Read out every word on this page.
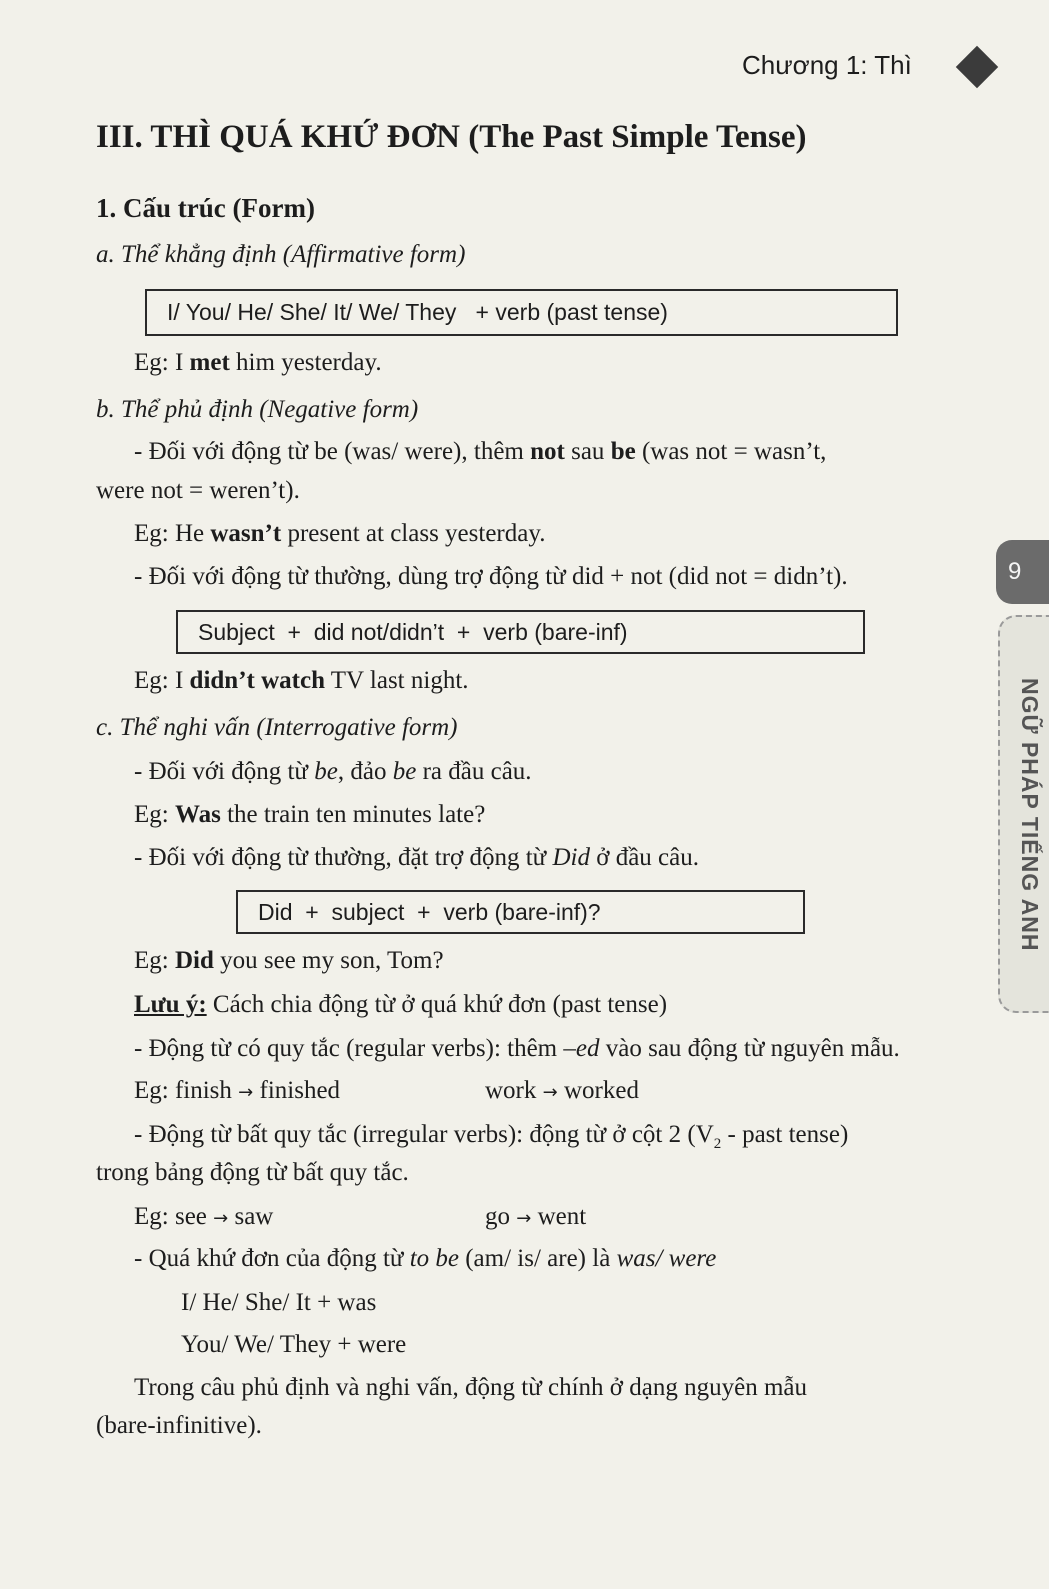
Chương 1: Thì
9
NGỮ PHÁP TIẾNG ANH
III. THÌ QUÁ KHỨ ĐƠN (The Past Simple Tense)
1. Cấu trúc (Form)
a. Thể khẳng định (Affirmative form)
I/ You/ He/ She/ It/ We/ They   + verb (past tense)
Eg: I met him yesterday.
b. Thể phủ định (Negative form)
- Đối với động từ be (was/ were), thêm not sau be (was not = wasn’t,
were not = weren’t).
Eg: He wasn’t present at class yesterday.
- Đối với động từ thường, dùng trợ động từ did + not (did not = didn’t).
Subject  +  did not/didn’t  +  verb (bare-inf)
Eg: I didn’t watch TV last night.
c. Thể nghi vấn (Interrogative form)
- Đối với động từ be, đảo be ra đầu câu.
Eg: Was the train ten minutes late?
- Đối với động từ thường, đặt trợ động từ Did ở đầu câu.
Did  +  subject  +  verb (bare-inf)?
Eg: Did you see my son, Tom?
Lưu ý: Cách chia động từ ở quá khứ đơn (past tense)
- Động từ có quy tắc (regular verbs): thêm –ed vào sau động từ nguyên mẫu.
Eg: finish → finished	work → worked
- Động từ bất quy tắc (irregular verbs): động từ ở cột 2 ($V_2$ - past tense)
trong bảng động từ bất quy tắc.
Eg: see → saw	go → went
- Quá khứ đơn của động từ to be (am/ is/ are) là was/ were
I/ He/ She/ It + was
You/ We/ They + were
Trong câu phủ định và nghi vấn, động từ chính ở dạng nguyên mẫu
(bare-infinitive).
